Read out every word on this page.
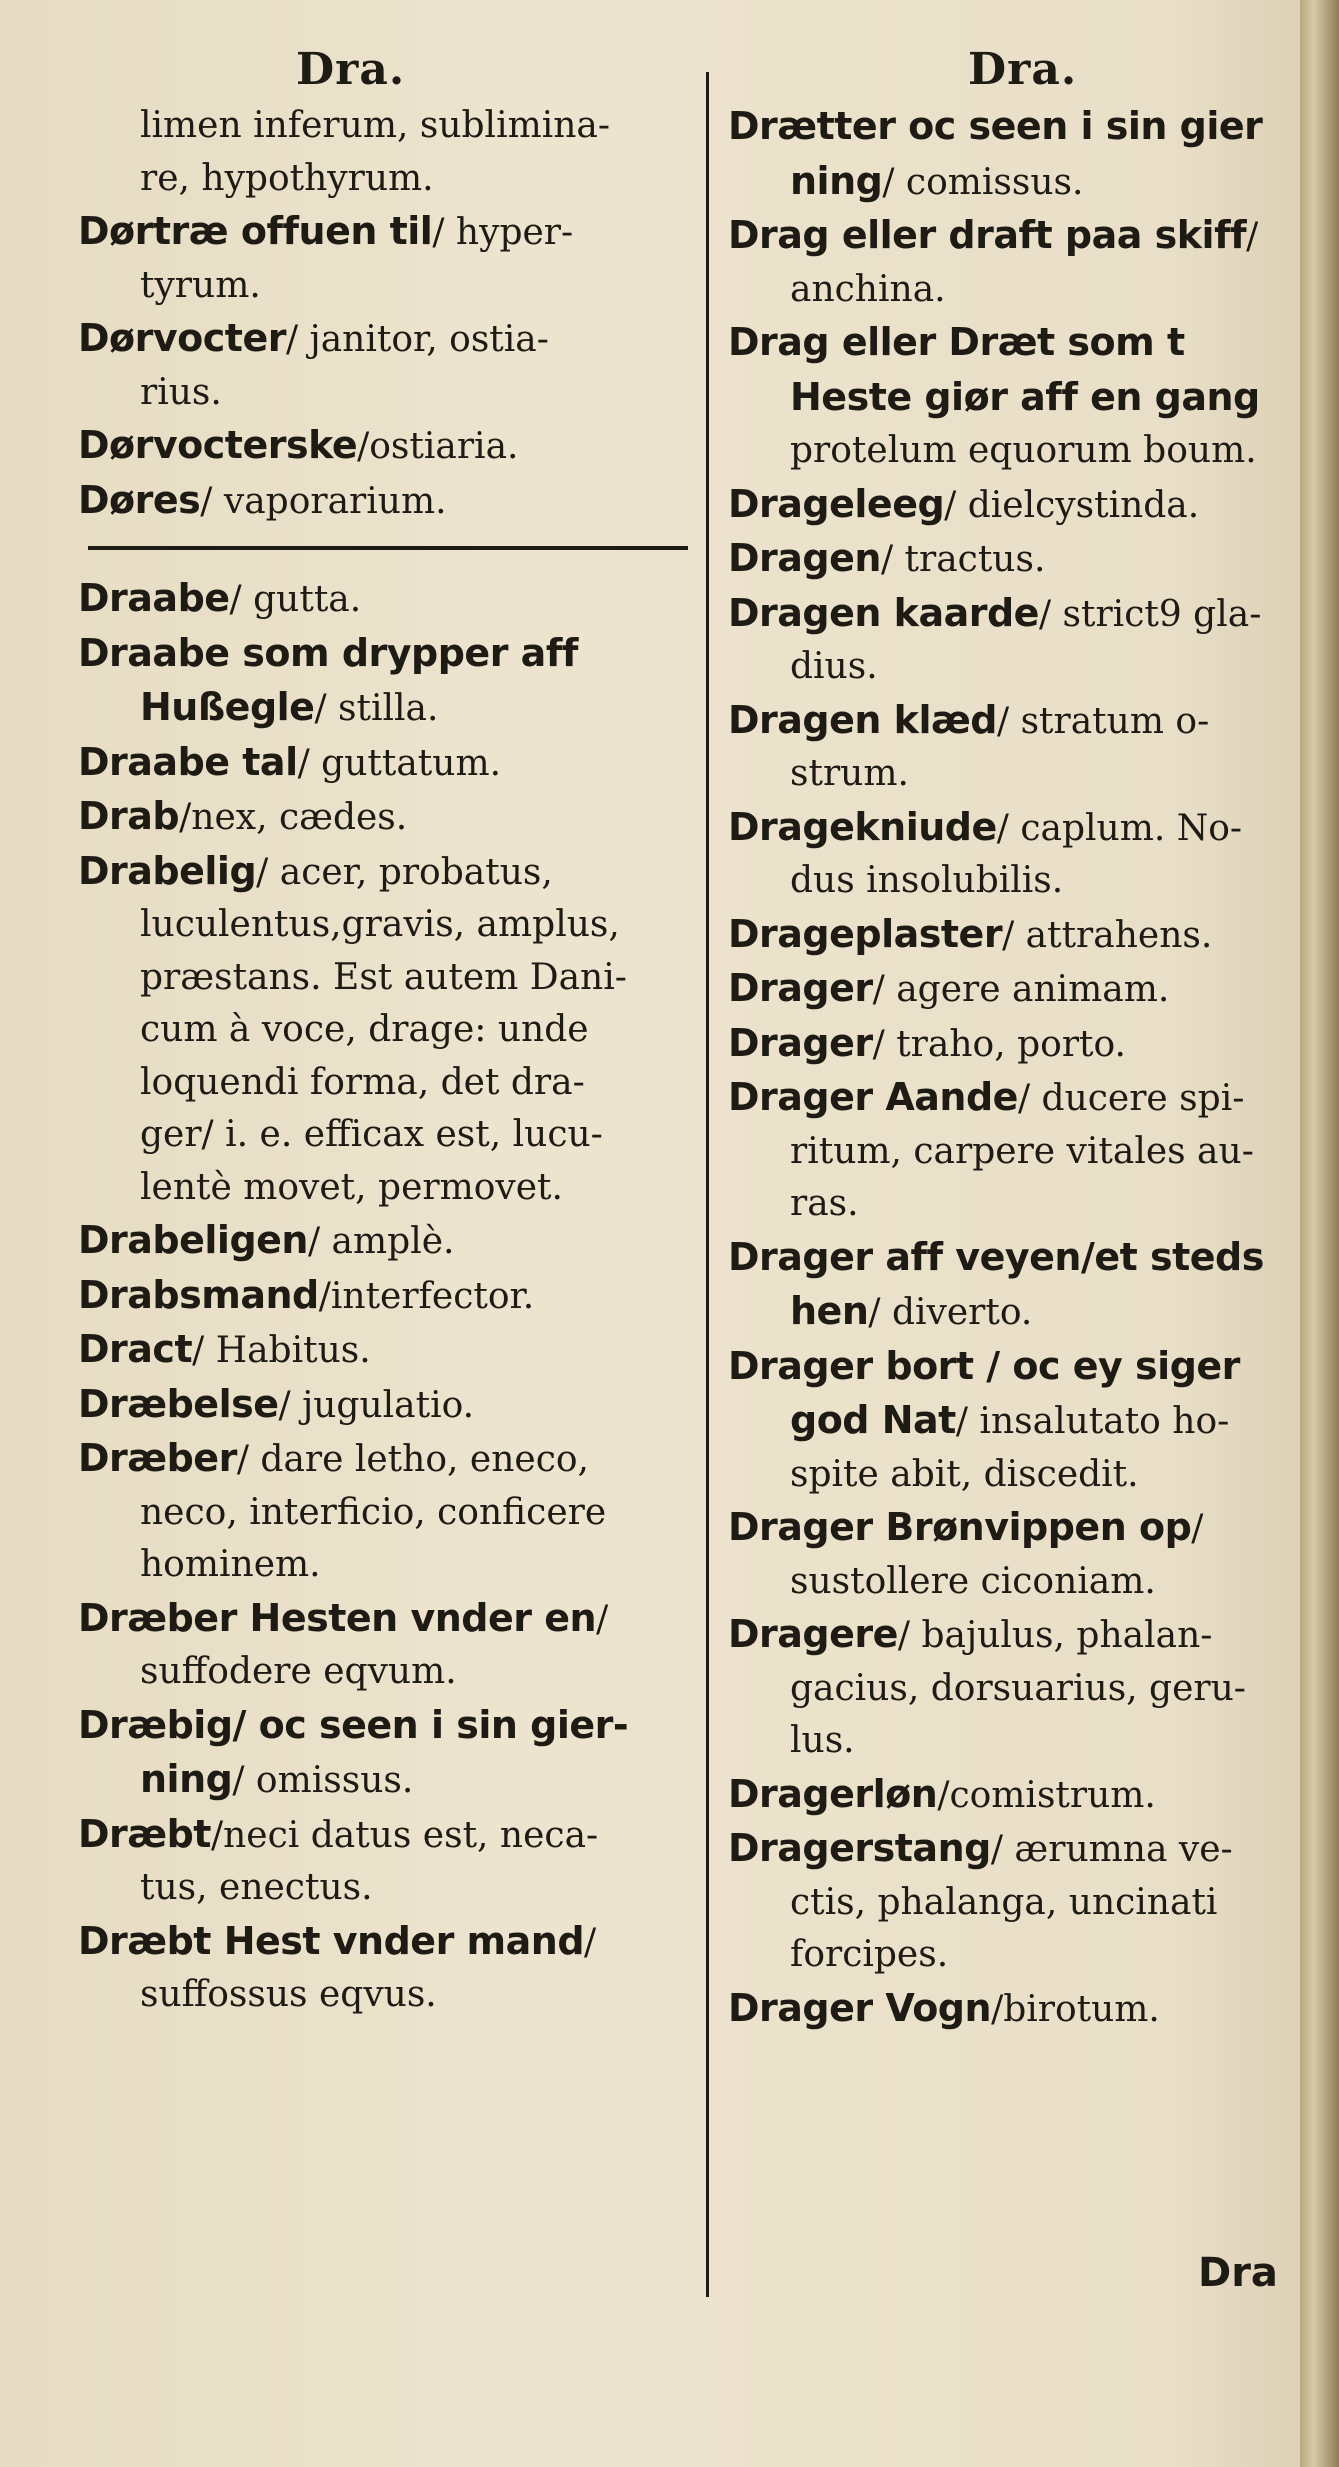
Dra.

limen inferum, sublimina-

re, hypothyrum.

Dørtræ offuen til/ hyper-

tyrum.

Dørvocter/ janitor, ostia-

rius.

Dørvocterske/ostiaria.

Døres/ vaporarium.

Draabe/ gutta.

Draabe som drypper aff

Hußegle/ stilla.

Draabe tal/ guttatum.

Drab/nex, cædes.

Drabelig/ acer, probatus,

luculentus,gravis, amplus,

præstans. Est autem Dani-

cum à voce, drage: unde

loquendi forma, det dra-

ger/ i. e. efficax est, lucu-

lentè movet, permovet.

Drabeligen/ amplè.

Drabsmand/interfector.

Dract/ Habitus.

Dræbelse/ jugulatio.

Dræber/ dare letho, eneco,

neco, interficio, conficere

hominem.

Dræber Hesten vnder en/

suffodere eqvum.

Dræbig/ oc seen i sin gier-

ning/ omissus.

Dræbt/neci datus est, neca-

tus, enectus.

Dræbt Hest vnder mand/

suffossus eqvus.

Dra.

Drætter oc seen i sin gier

ning/ comissus.

Drag eller draft paa skiff/

anchina.

Drag eller Dræt som t

Heste giør aff en gang

protelum equorum boum.

Drageleeg/ dielcystinda.

Dragen/ tractus.

Dragen kaarde/ strict9 gla-

dius.

Dragen klæd/ stratum o-

strum.

Dragekniude/ caplum. No-

dus insolubilis.

Drageplaster/ attrahens.

Drager/ agere animam.

Drager/ traho, porto.

Drager Aande/ ducere spi-

ritum, carpere vitales au-

ras.

Drager aff veyen/et steds

hen/ diverto.

Drager bort / oc ey siger

god Nat/ insalutato ho-

spite abit, discedit.

Drager Brønvippen op/

sustollere ciconiam.

Dragere/ bajulus, phalan-

gacius, dorsuarius, geru-

lus.

Dragerløn/comistrum.

Dragerstang/ ærumna ve-

ctis, phalanga, uncinati

forcipes.

Drager Vogn/birotum.

Dra
